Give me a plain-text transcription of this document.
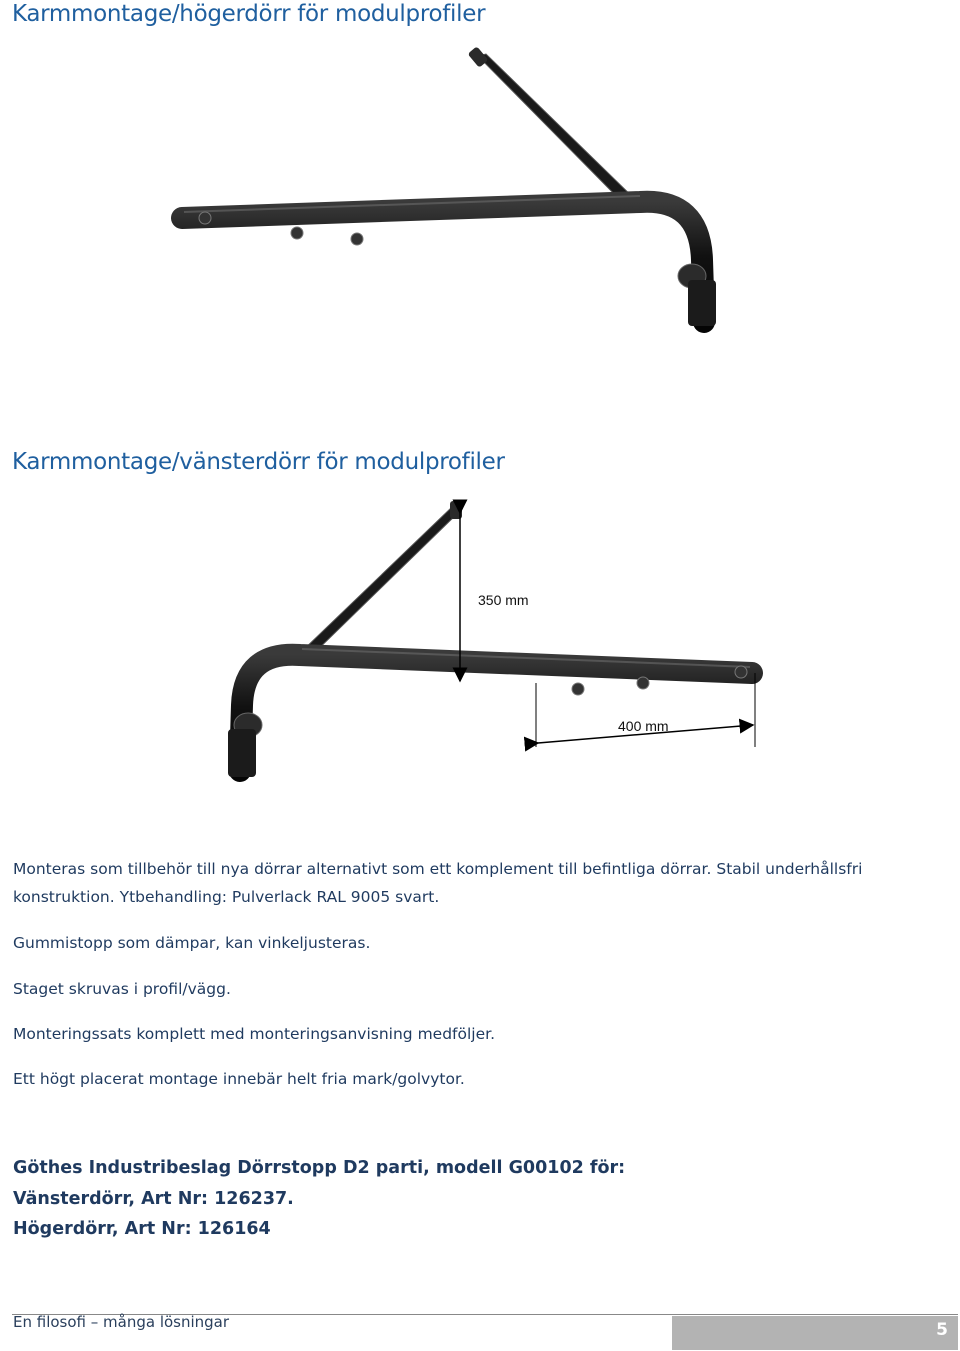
Karmmontage/högerdörr för modulprofiler
Karmmontage/vänsterdörr för modulprofiler
350 mm
400 mm
Monteras som tillbehör till nya dörrar alternativt som ett komplement till befintliga dörrar. Stabil underhållsfri konstruktion. Ytbehandling: Pulverlack RAL 9005 svart.
Gummistopp som dämpar, kan vinkeljusteras.
Staget skruvas i profil/vägg.
Monteringssats komplett med monteringsanvisning medföljer.
Ett högt placerat montage innebär helt fria mark/golvytor.
Göthes Industribeslag Dörrstopp D2 parti, modell G00102 för:
Vänsterdörr, Art Nr: 126237.
Högerdörr, Art Nr: 126164
En filosofi – många lösningar	5
